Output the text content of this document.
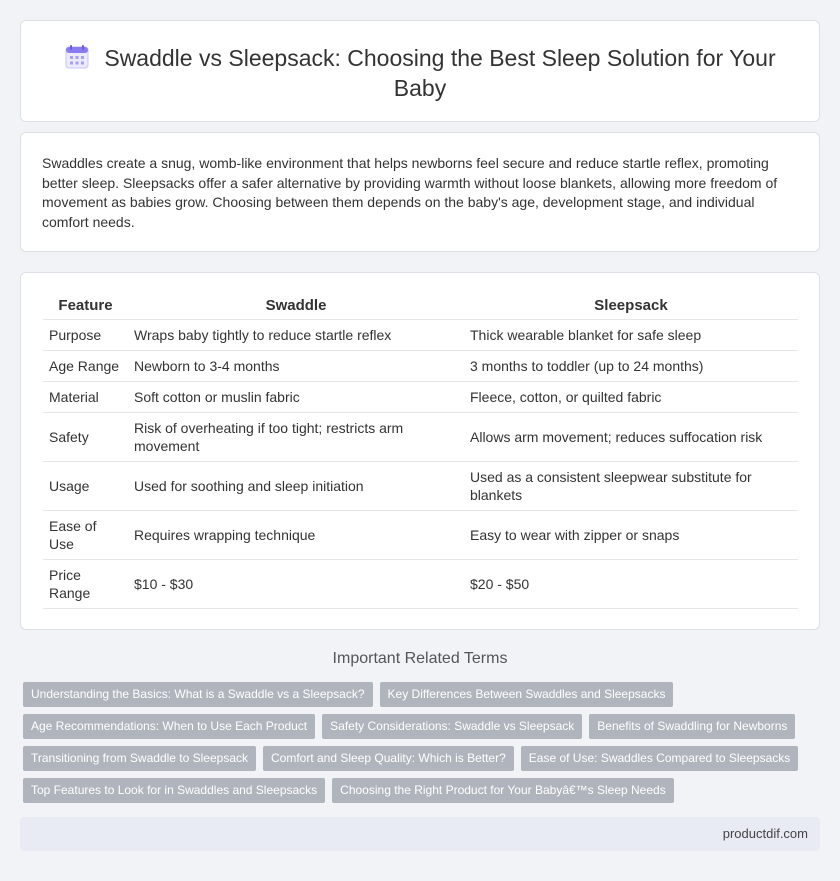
Swaddle vs Sleepsack: Choosing the Best Sleep Solution for Your Baby

Swaddles create a snug, womb-like environment that helps newborns feel secure and reduce startle reflex, promoting better sleep. Sleepsacks offer a safer alternative by providing warmth without loose blankets, allowing more freedom of movement as babies grow. Choosing between them depends on the baby's age, development stage, and individual comfort needs.

Feature	Swaddle	Sleepsack
Purpose	Wraps baby tightly to reduce startle reflex	Thick wearable blanket for safe sleep
Age Range	Newborn to 3-4 months	3 months to toddler (up to 24 months)
Material	Soft cotton or muslin fabric	Fleece, cotton, or quilted fabric
Safety	Risk of overheating if too tight; restricts arm movement	Allows arm movement; reduces suffocation risk
Usage	Used for soothing and sleep initiation	Used as a consistent sleepwear substitute for blankets
Ease of Use	Requires wrapping technique	Easy to wear with zipper or snaps
Price Range	$10 - $30	$20 - $50
Important Related Terms
Understanding the Basics: What is a Swaddle vs a Sleepsack?	Key Differences Between Swaddles and Sleepsacks
Age Recommendations: When to Use Each Product	Safety Considerations: Swaddle vs Sleepsack	Benefits of Swaddling for Newborns
Transitioning from Swaddle to Sleepsack	Comfort and Sleep Quality: Which is Better?	Ease of Use: Swaddles Compared to Sleepsacks
Top Features to Look for in Swaddles and Sleepsacks	Choosing the Right Product for Your Babyâ€™s Sleep Needs
productdif.com
